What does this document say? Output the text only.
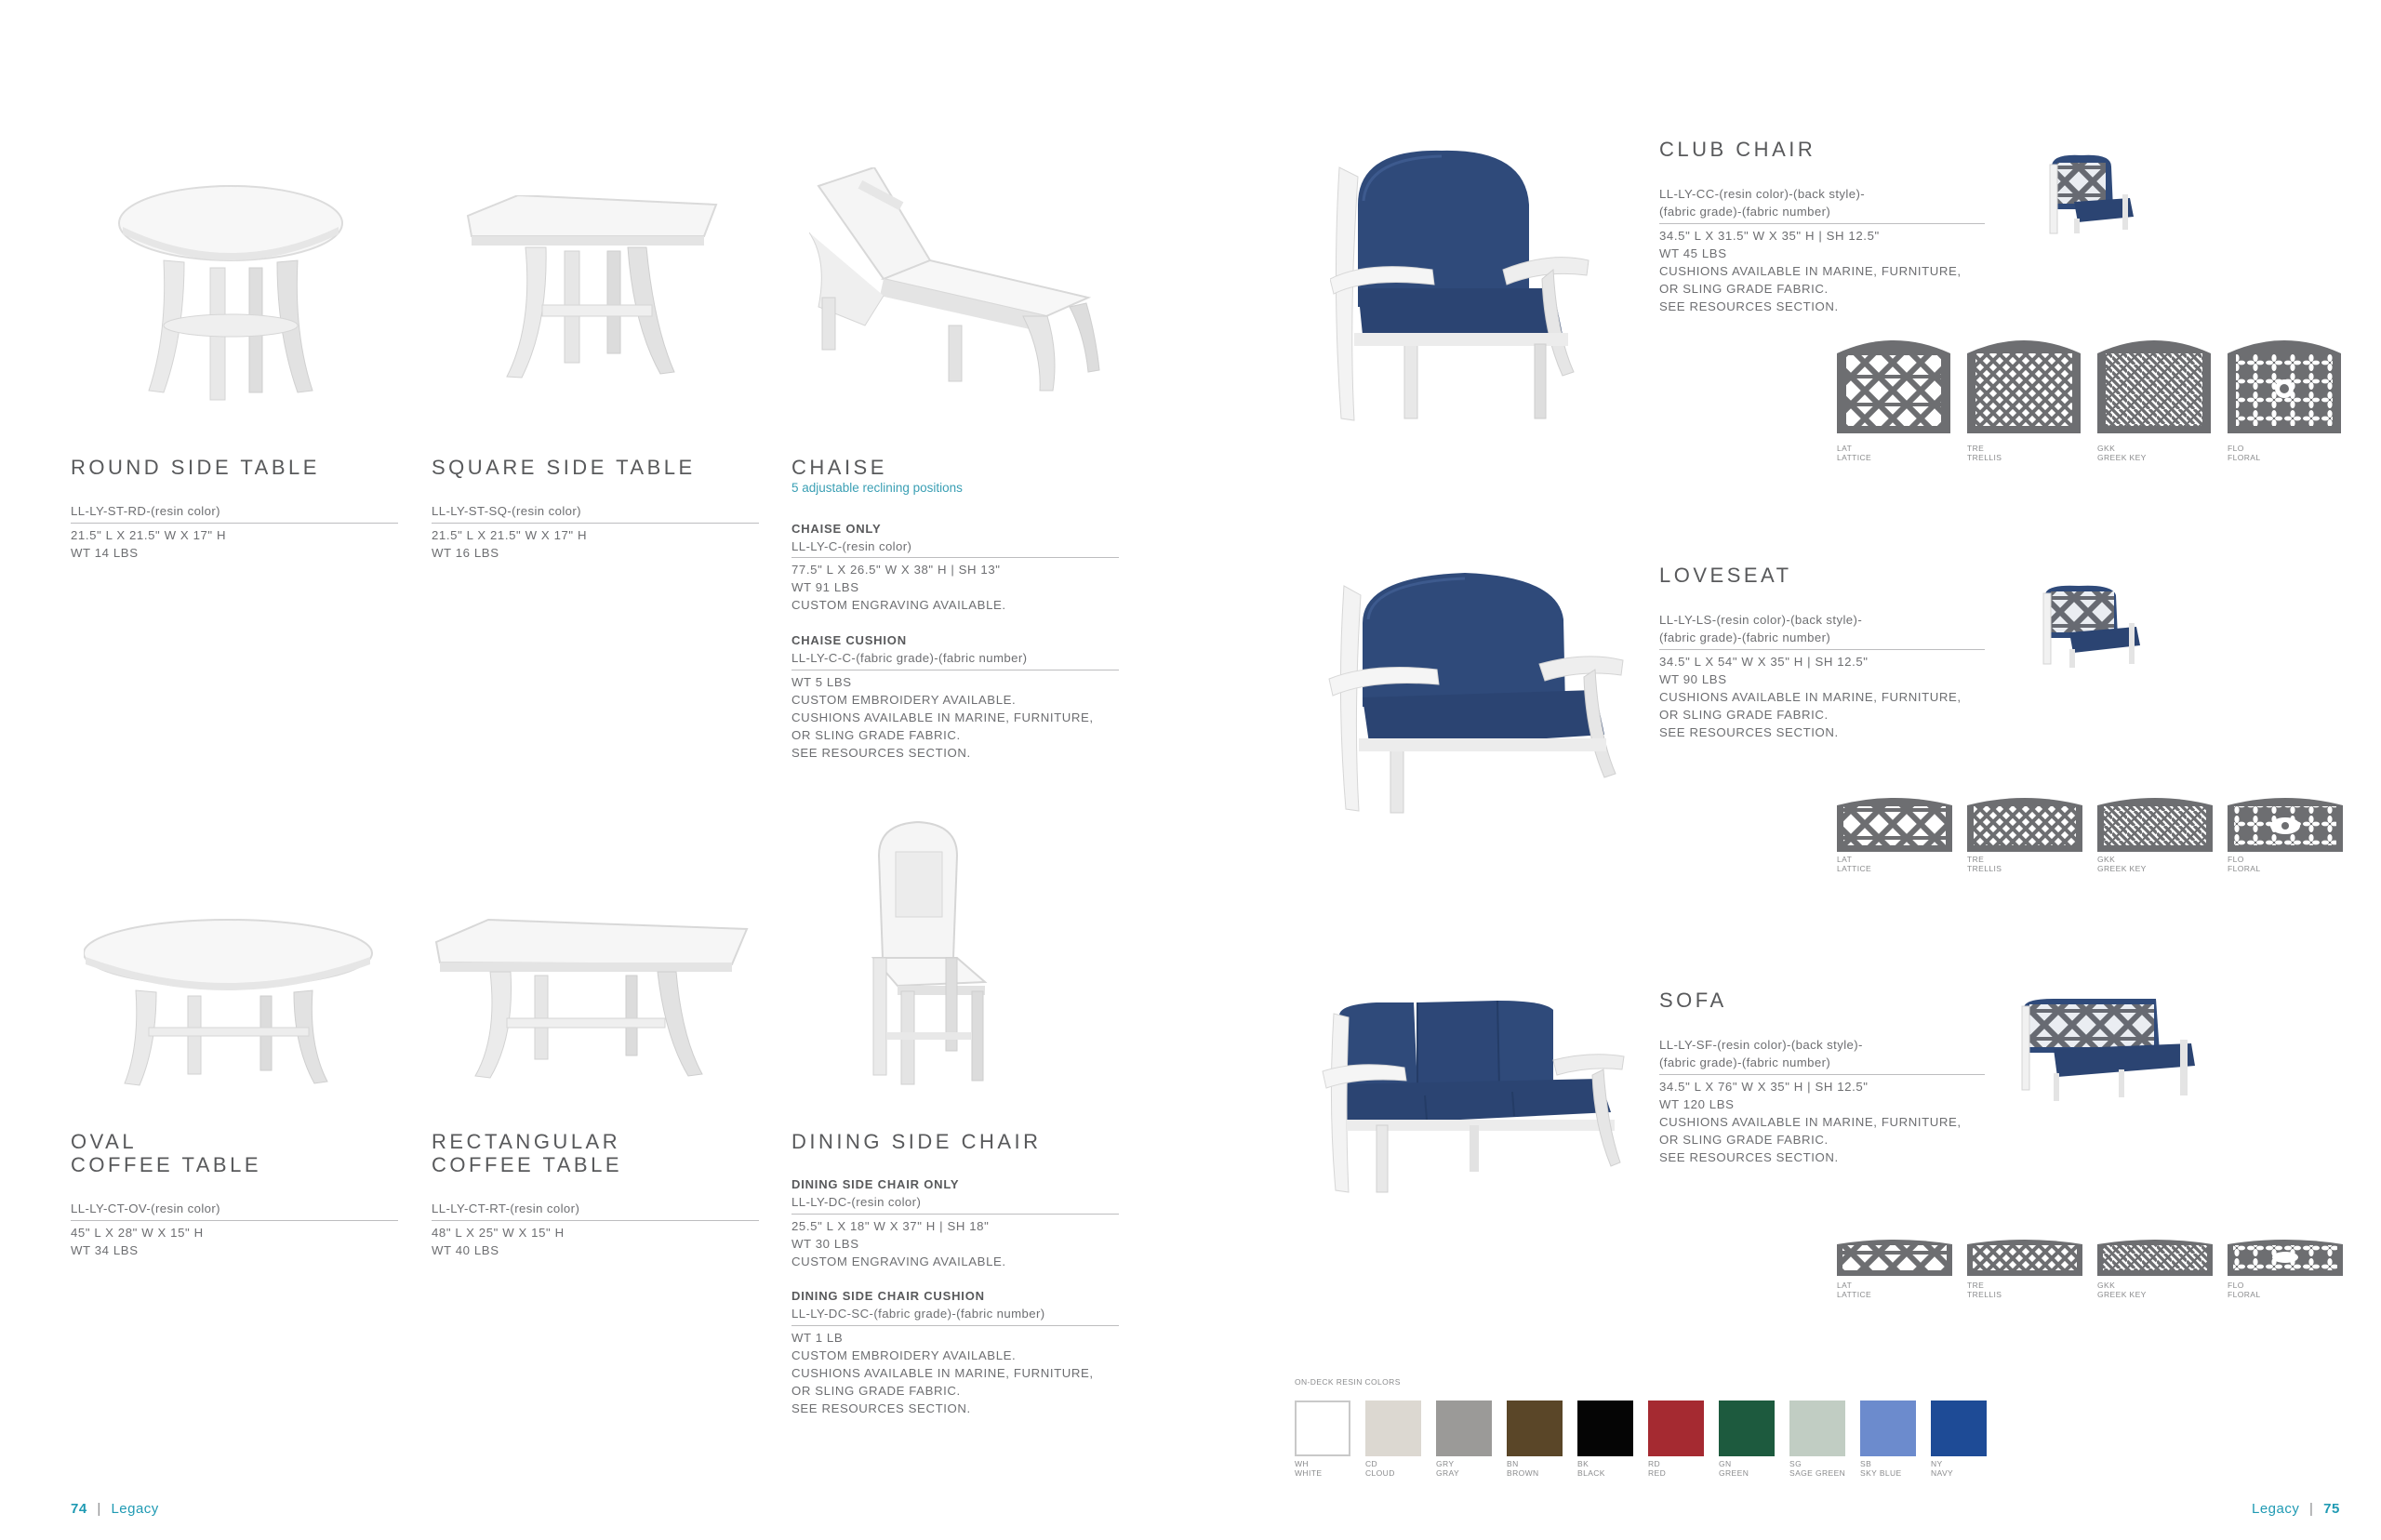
ROUND SIDE TABLE
LL-LY-ST-RD-(resin color)
21.5" L X 21.5" W X 17" H
WT 14 LBS
SQUARE SIDE TABLE
LL-LY-ST-SQ-(resin color)
21.5" L X 21.5" W X 17" H
WT 16 LBS
CHAISE
5 adjustable reclining positions
CHAISE ONLY
LL-LY-C-(resin color)
77.5" L X 26.5" W X 38" H | SH 13"
WT 91 LBS
CUSTOM ENGRAVING AVAILABLE.
CHAISE CUSHION
LL-LY-C-C-(fabric grade)-(fabric number)
WT 5 LBS
CUSTOM EMBROIDERY AVAILABLE.
CUSHIONS AVAILABLE IN MARINE, FURNITURE,
OR SLING GRADE FABRIC.
SEE RESOURCES SECTION.
OVAL
COFFEE TABLE
LL-LY-CT-OV-(resin color)
45" L X 28" W X 15" H
WT 34 LBS
RECTANGULAR
COFFEE TABLE
LL-LY-CT-RT-(resin color)
48" L X 25" W X 15" H
WT 40 LBS
DINING SIDE CHAIR
DINING SIDE CHAIR ONLY
LL-LY-DC-(resin color)
25.5" L X 18" W X 37" H | SH 18"
WT 30 LBS
CUSTOM ENGRAVING AVAILABLE.
DINING SIDE CHAIR CUSHION
LL-LY-DC-SC-(fabric grade)-(fabric number)
WT 1 LB
CUSTOM EMBROIDERY AVAILABLE.
CUSHIONS AVAILABLE IN MARINE, FURNITURE,
OR SLING GRADE FABRIC.
SEE RESOURCES SECTION.
74 | Legacy
CLUB CHAIR
LL-LY-CC-(resin color)-(back style)-
(fabric grade)-(fabric number)
34.5" L X 31.5" W X 35" H | SH 12.5"
WT 45 LBS
CUSHIONS AVAILABLE IN MARINE, FURNITURE,
OR SLING GRADE FABRIC.
SEE RESOURCES SECTION.
LAT
LATTICE
TRE
TRELLIS
GKK
GREEK KEY
FLO
FLORAL
LOVESEAT
LL-LY-LS-(resin color)-(back style)-
(fabric grade)-(fabric number)
34.5" L X 54" W X 35" H | SH 12.5"
WT 90 LBS
CUSHIONS AVAILABLE IN MARINE, FURNITURE,
OR SLING GRADE FABRIC.
SEE RESOURCES SECTION.
LAT
LATTICE
TRE
TRELLIS
GKK
GREEK KEY
FLO
FLORAL
SOFA
LL-LY-SF-(resin color)-(back style)-
(fabric grade)-(fabric number)
34.5" L X 76" W X 35" H | SH 12.5"
WT 120 LBS
CUSHIONS AVAILABLE IN MARINE, FURNITURE,
OR SLING GRADE FABRIC.
SEE RESOURCES SECTION.
LAT
LATTICE
TRE
TRELLIS
GKK
GREEK KEY
FLO
FLORAL
ON-DECK RESIN COLORS
WH
WHITE
CD
CLOUD
GRY
GRAY
BN
BROWN
BK
BLACK
RD
RED
GN
GREEN
SG
SAGE GREEN
SB
SKY BLUE
NY
NAVY
Legacy | 75
